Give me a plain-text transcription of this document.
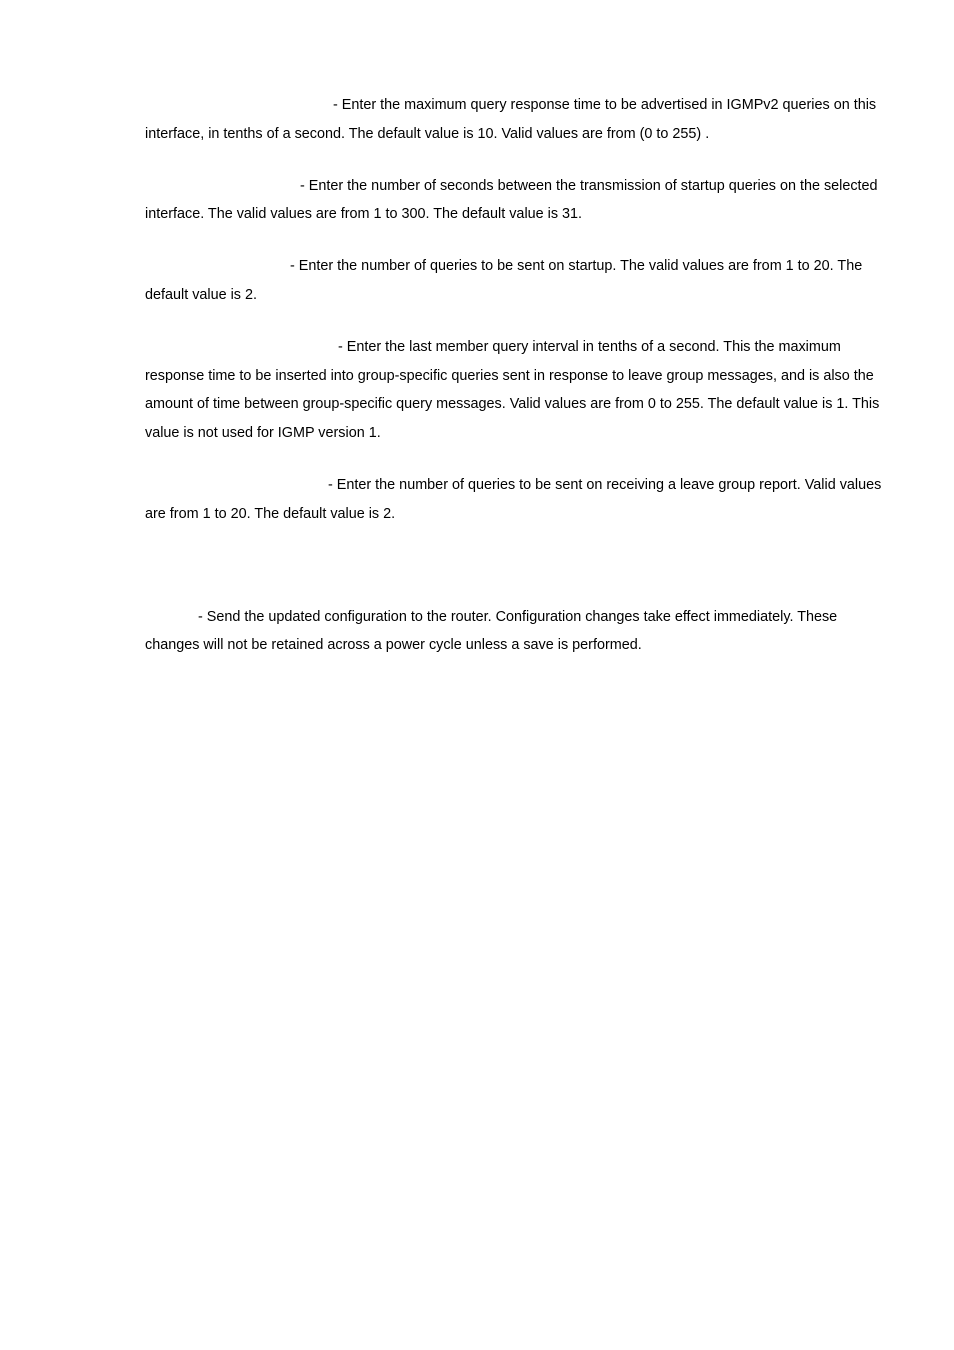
- Enter the maximum query response time to be advertised in IGMPv2 queries on this interface, in tenths of a second. The default value is 10. Valid values are from (0 to 255) .

- Enter the number of seconds between the transmission of startup queries on the selected interface. The valid values are from 1 to 300. The default value is 31.

- Enter the number of queries to be sent on startup. The valid values are from 1 to 20. The default value is 2.

- Enter the last member query interval in tenths of a second. This the maximum response time to be inserted into group-specific queries sent in response to leave group messages, and is also the amount of time between group-specific query messages. Valid values are from 0 to 255. The default value is 1. This value is not used for IGMP version 1.

- Enter the number of queries to be sent on receiving a leave group report. Valid values are from 1 to 20. The default value is 2.

- Send the updated configuration to the router. Configuration changes take effect immediately. These changes will not be retained across a power cycle unless a save is performed.
